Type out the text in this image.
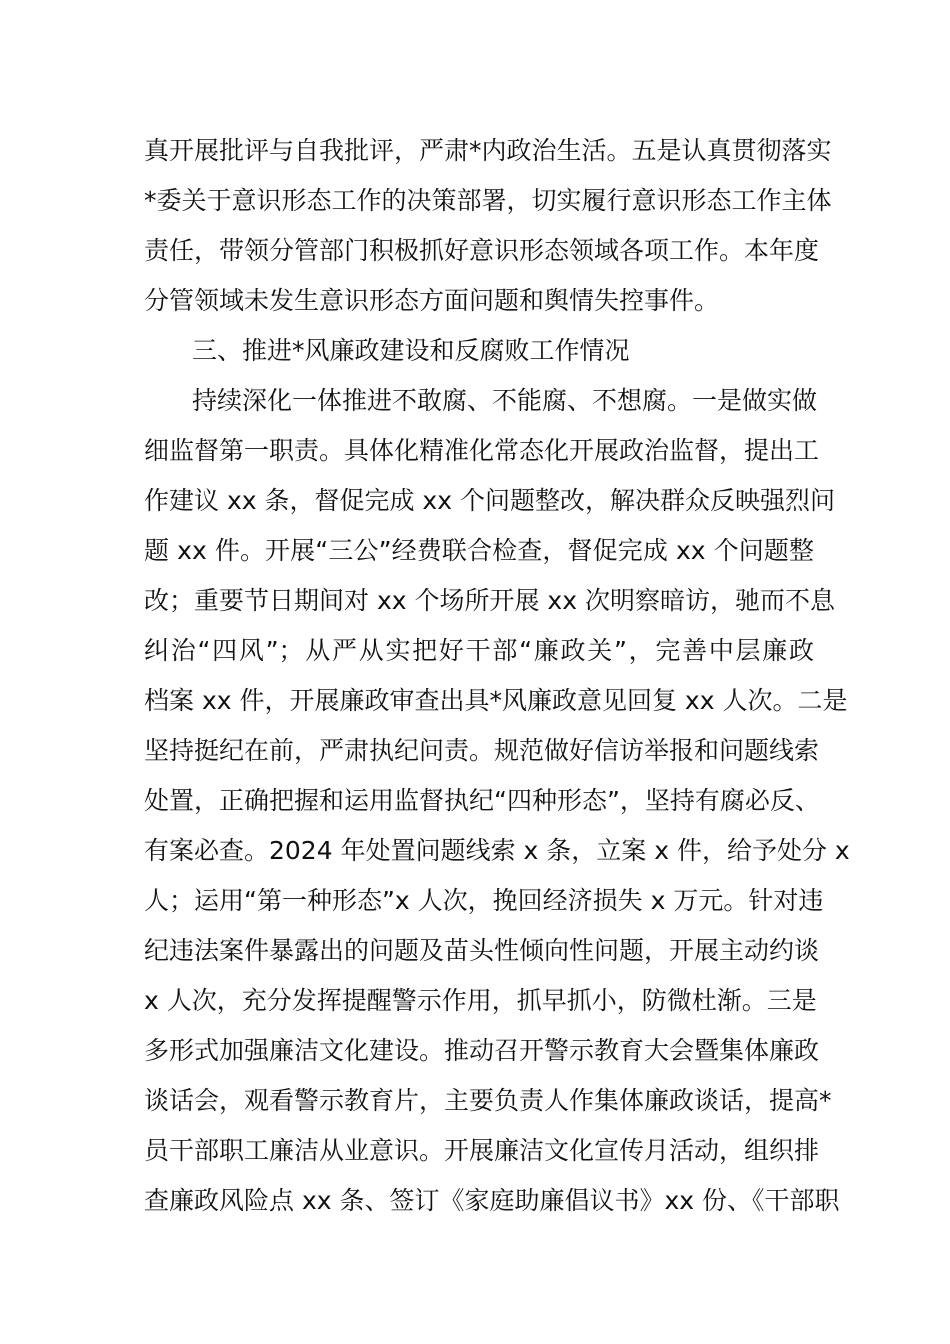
真开展批评与自我批评，严肃*内政治生活。五是认真贯彻落实
*委关于意识形态工作的决策部署，切实履行意识形态工作主体
责任，带领分管部门积极抓好意识形态领域各项工作。本年度
分管领域未发生意识形态方面问题和舆情失控事件。
三、推进*风廉政建设和反腐败工作情况
持续深化一体推进不敢腐、不能腐、不想腐。一是做实做
细监督第一职责。具体化精准化常态化开展政治监督，提出工
作建议 xx 条，督促完成 xx 个问题整改，解决群众反映强烈问
题 xx 件。开展“三公”经费联合检查，督促完成 xx 个问题整
改；重要节日期间对 xx 个场所开展 xx 次明察暗访，驰而不息
纠治“四风”；从严从实把好干部“廉政关”，完善中层廉政
档案 xx 件，开展廉政审查出具*风廉政意见回复 xx 人次。二是
坚持挺纪在前，严肃执纪问责。规范做好信访举报和问题线索
处置，正确把握和运用监督执纪“四种形态”，坚持有腐必反、
有案必查。2024 年处置问题线索 x 条，立案 x 件，给予处分 x
人；运用“第一种形态”x 人次，挽回经济损失 x 万元。针对违
纪违法案件暴露出的问题及苗头性倾向性问题，开展主动约谈
x 人次，充分发挥提醒警示作用，抓早抓小，防微杜渐。三是
多形式加强廉洁文化建设。推动召开警示教育大会暨集体廉政
谈话会，观看警示教育片，主要负责人作集体廉政谈话，提高*
员干部职工廉洁从业意识。开展廉洁文化宣传月活动，组织排
查廉政风险点 xx 条、签订《家庭助廉倡议书》xx 份、《干部职
